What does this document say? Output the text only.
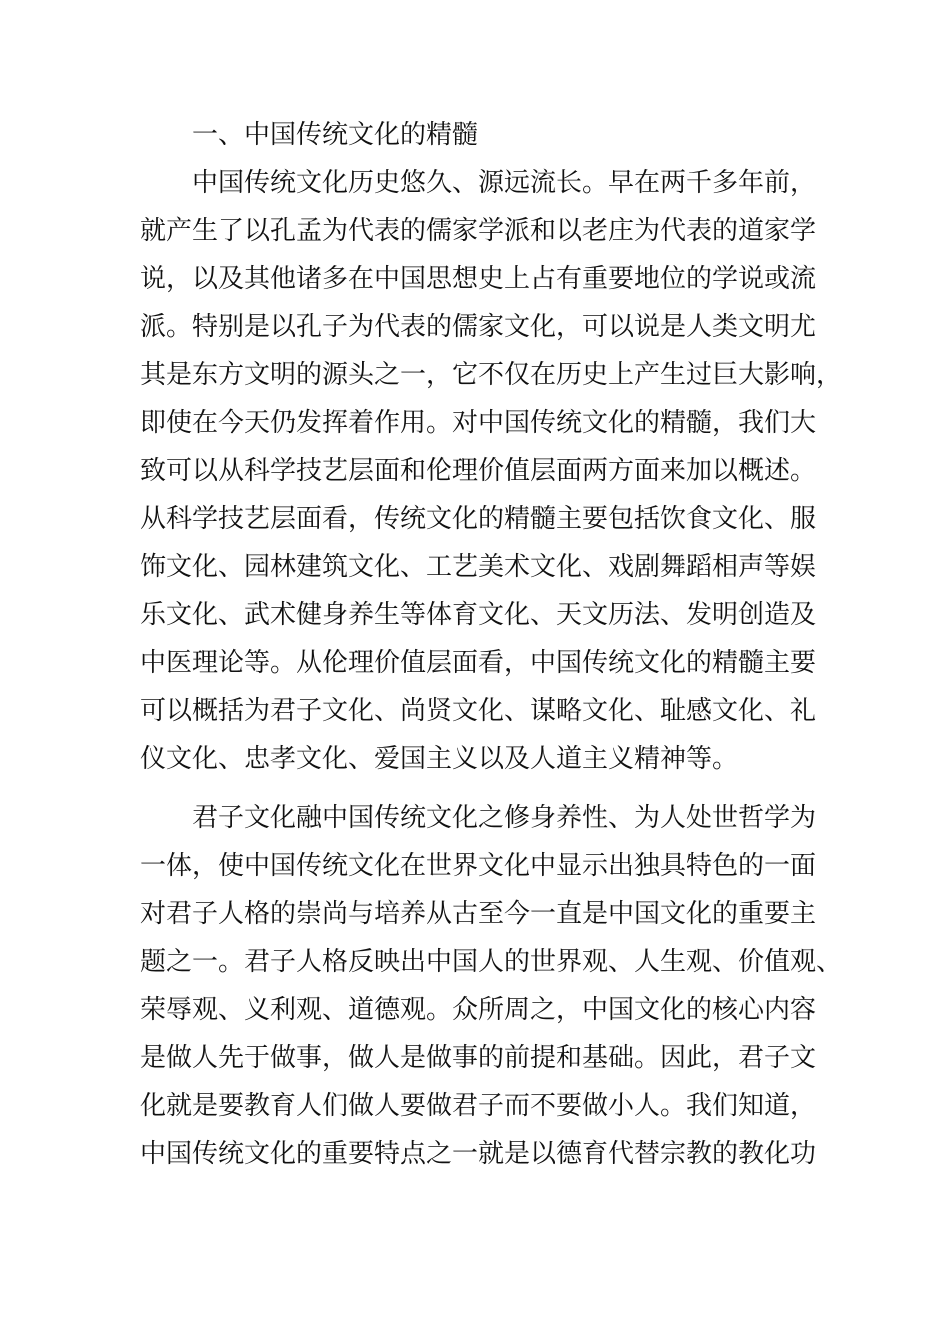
一、中国传统文化的精髓
中国传统文化历史悠久、源远流长。早在两千多年前，
就产生了以孔孟为代表的儒家学派和以老庄为代表的道家学
说，以及其他诸多在中国思想史上占有重要地位的学说或流
派。特别是以孔子为代表的儒家文化，可以说是人类文明尤
其是东方文明的源头之一，它不仅在历史上产生过巨大影响，
即使在今天仍发挥着作用。对中国传统文化的精髓，我们大
致可以从科学技艺层面和伦理价值层面两方面来加以概述。
从科学技艺层面看，传统文化的精髓主要包括饮食文化、服
饰文化、园林建筑文化、工艺美术文化、戏剧舞蹈相声等娱
乐文化、武术健身养生等体育文化、天文历法、发明创造及
中医理论等。从伦理价值层面看，中国传统文化的精髓主要
可以概括为君子文化、尚贤文化、谋略文化、耻感文化、礼
仪文化、忠孝文化、爱国主义以及人道主义精神等。
君子文化融中国传统文化之修身养性、为人处世哲学为
一体，使中国传统文化在世界文化中显示出独具特色的一面
对君子人格的崇尚与培养从古至今一直是中国文化的重要主
题之一。君子人格反映出中国人的世界观、人生观、价值观、
荣辱观、义利观、道德观。众所周之，中国文化的核心内容
是做人先于做事，做人是做事的前提和基础。因此，君子文
化就是要教育人们做人要做君子而不要做小人。我们知道，
中国传统文化的重要特点之一就是以德育代替宗教的教化功
